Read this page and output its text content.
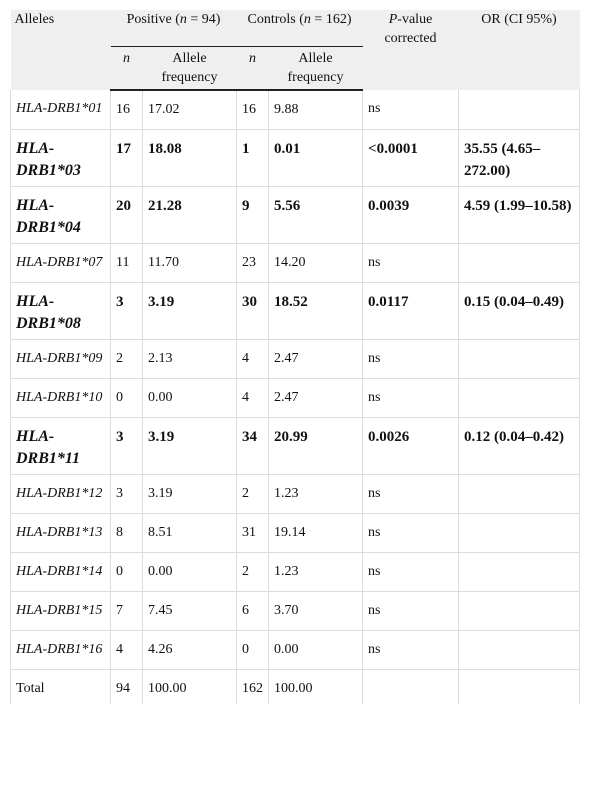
Alleles	Positive (n = 94)		Controls (n = 162)		P-value corrected	OR (CI 95%)
	n	Allele frequency	n	Allele frequency		
HLA-DRB1*01	16	17.02	16	9.88	ns	
HLA-DRB1*03	17	18.08	1	0.01	<0.0001	35.55 (4.65–272.00)
HLA-DRB1*04	20	21.28	9	5.56	0.0039	4.59 (1.99–10.58)
HLA-DRB1*07	11	11.70	23	14.20	ns	
HLA-DRB1*08	3	3.19	30	18.52	0.0117	0.15 (0.04–0.49)
HLA-DRB1*09	2	2.13	4	2.47	ns	
HLA-DRB1*10	0	0.00	4	2.47	ns	
HLA-DRB1*11	3	3.19	34	20.99	0.0026	0.12 (0.04–0.42)
HLA-DRB1*12	3	3.19	2	1.23	ns	
HLA-DRB1*13	8	8.51	31	19.14	ns	
HLA-DRB1*14	0	0.00	2	1.23	ns	
HLA-DRB1*15	7	7.45	6	3.70	ns	
HLA-DRB1*16	4	4.26	0	0.00	ns	
Total	94	100.00	162	100.00		
